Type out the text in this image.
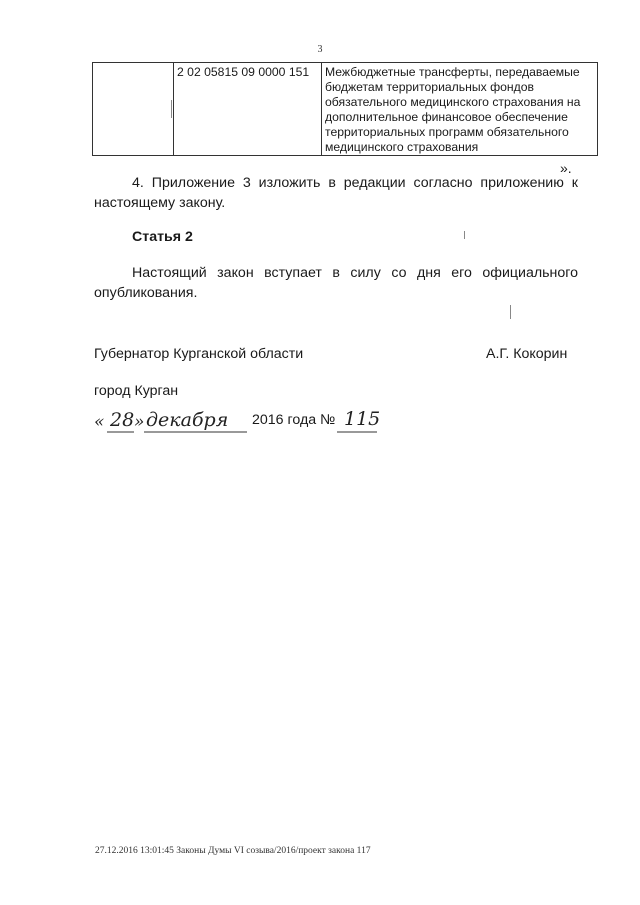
3
	2 02 05815 09 0000 151	Межбюджетные трансферты, передаваемые бюджетам территориальных фондов обязательного медицинского страхования на дополнительное финансовое обеспечение территориальных программ обязательного медицинского страхования
».
4. Приложение 3 изложить в редакции согласно приложению к настоящему закону.
Статья 2
Настоящий закон вступает в силу со дня его официального опубликования.
Губернатор Курганской области	А.Г. Кокорин
город Курган
« 28 » декабря 2016 года № 115
27.12.2016 13:01:45 Законы Думы VI созыва/2016/проект закона 117
